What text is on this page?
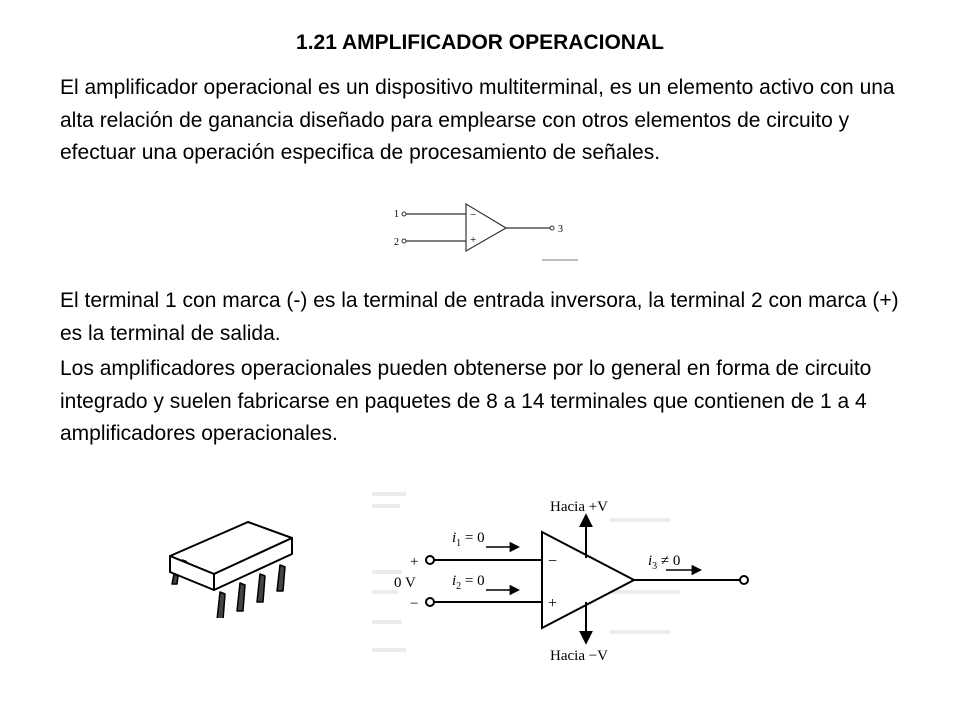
1.21 AMPLIFICADOR OPERACIONAL

El amplificador operacional es un dispositivo multiterminal, es un elemento activo con una alta relación de ganancia diseñado para emplearse con otros elementos de circuito y efectuar una operación especifica de procesamiento de señales.

1
2
3
−
+

El terminal 1 con marca (-) es la terminal de entrada inversora, la terminal 2 con marca (+) es la terminal de salida.

Los amplificadores operacionales pueden obtenerse por lo general en forma de circuito integrado y suelen fabricarse en paquetes de 8 a 14 terminales que contienen de 1 a 4 amplificadores operacionales.

Hacia +V
Hacia −V
$i_1 = 0$
$i_2 = 0$
$i_3 \ne 0$
+
0 V
−
−
+
